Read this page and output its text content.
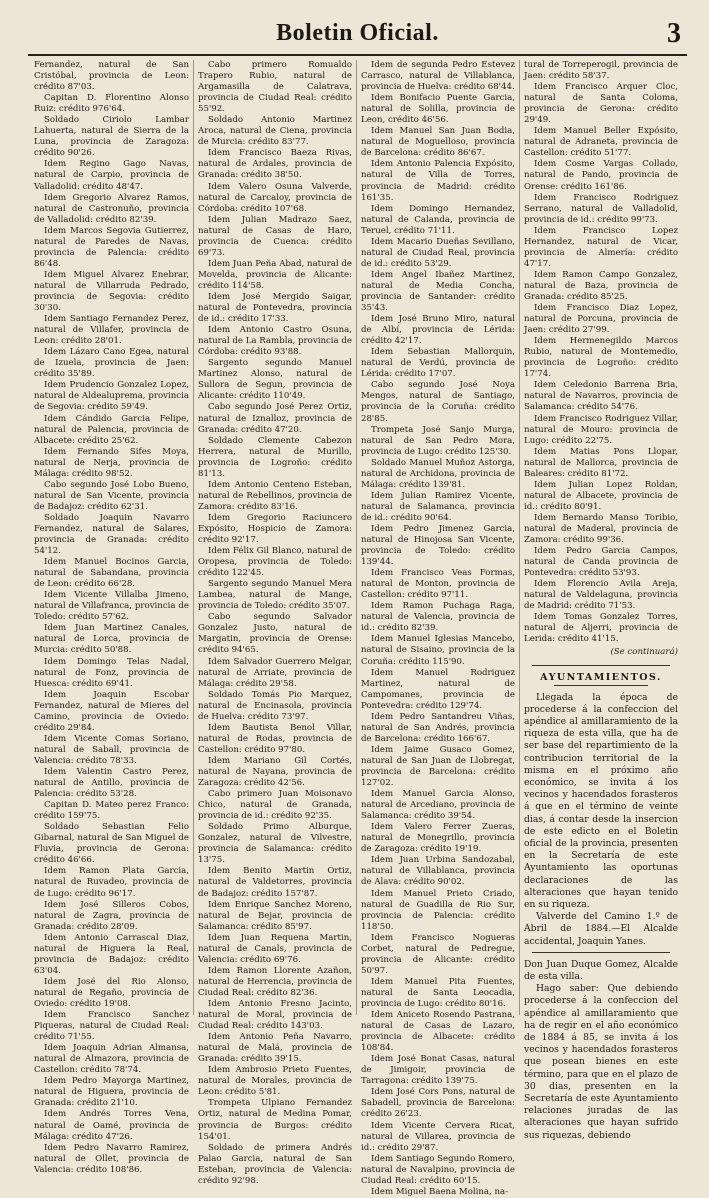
Boletin Oficial.	3

Fernandez, natural de San Cristóbal, provincia de Leon: crédito 87'03.

Capitan D. Florentino Alonso Ruiz: crédito 976'64.

Soldado Ciriolo Lambar Lahuerta, natural de Sierra de la Luna, provincia de Zaragoza: crédito 90'26.

Idem Regino Gago Navas, natural de Carpio, provincia de Valladolid: crédito 48'47.

Idem Gregorio Alvarez Ramos, natural de Castronuño, provincia de Valladolid: crédito 82'39.

Idem Marcos Segovia Gutierrez, natural de Paredes de Navas, provincia de Palencia: crédito 86'48.

Idem Miguel Alvarez Enebrar, natural de Villarruda Pedrado, provincia de Segovia: crédito 30'30.

Idem Santiago Fernandez Perez, natural de Villafer, provincia de Leon: crédito 28'01.

Idem Lázaro Cano Egea, natural de Izuela, provincia de Jaen: crédito 35'89.

Idem Prudencio Gonzalez Lopez, natural de Aldealuprema, provincia de Segovia: crédito 59'49.

Idem Cándido Garcia Felipe, natural de Palencia, provincia de Albacete: crédito 25'62.

Idem Fernando Sifes Moya, natural de Nerja, provincia de Málaga: crédito 98'52.

Cabo segundo José Lobo Bueno, natural de San Vicente, provincia de Badajoz: crédito 62'31.

Soldado Joaquin Navarro Fernandez, natural de Salares, provincia de Granada: crédito 54'12.

Idem Manuel Bocinos Garcia, natural de Sabandana, provincia de Leon: crédito 66'28.

Idem Vicente Villalba Jimeno, natural de Villafranca, provincia de Toledo: crédito 57'62.

Idem Juan Martinez Canales, natural de Lorca, provincia de Murcia: crédito 50'88.

Idem Domingo Telas Nadal, natural de Fonz, provincia de Huesca: crédito 69'41.

Idem Joaquin Escobar Fernandez, natural de Mieres del Camino, provincia de Oviedo: crédito 29'84.

Idem Vicente Comas Soriano, natural de Saball, provincia de Valencia: crédito 78'33.

Idem Valentin Castro Perez, natural de Antillo, provincia de Palencia: crédito 53'28.

Capitan D. Mateo perez Franco: crédito 159'75.

Soldado Sebastian Felio Gibarnal, natural de San Miguel de Fluvia, provincia de Gerona: crédito 46'66.

Idem Ramon Plata Garcia, natural de Ruvadeo, provincia de de Lugo: crédito 96'17.

Idem José Silleros Cobos, natural de Zagra, provincia de Granada: crédito 28'09.

Idem Antonio Carrascal Diaz, natural de Higuera la Real, provincia de Badajoz: crédito 63'04.

Idem José del Rio Alonso, natural de Regaño, provincia de Oviedo: crédito 19'08.

Idem Francisco Sanchez Piqueras, natural de Ciudad Real: crédito 71'55.

Idem Joaquin Adrian Almansa, natural de Almazora, provincia de Castellon: crédito 78'74.

Idem Pedro Mayorga Martinez, natural de Higuera, provincia de Granada: crédito 21'10.

Idem Andrés Torres Vena, natural de Oamé, provincia de Málaga: crédito 47'26.

Idem Pedro Navarro Ramirez, natural de Ollet, provincia de Valencia: crédito 108'86.

Cabo primero Romualdo Trapero Rubio, natural de Argamasilla de Calatrava, provincia de Ciudad Real: crédito 55'92.

Soldado Antonio Martinez Aroca, natural de Ciena, provincia de Murcia: crédito 83'77.

Idem Francisco Baeza Rivas, natural de Ardales, provincia de Granada: crédito 38'50.

Idem Valero Osuna Valverde, natural de Carcaloy, provincia de Córdoba: crédito 107'68.

Idem Julian Madrazo Saez, natural de Casas de Haro, provincia de Cuenca: crédito 69'73.

Idem Juan Peña Abad, natural de Movelda, provincia de Alicante: crédito 114'58.

Idem José Mergido Saigar, natural de Pontevedra, provincia de id.: crédito 17'33.

Idem Antonio Castro Osuna, natural de La Rambla, provincia de Córdoba: crédito 93'88.

Sargento segundo Manuel Martinez Alonso, natural de Sullora de Segun, provincia de Alicante: crédito 110'49.

Cabo segundo José Perez Ortiz, natural de Iznalloz, provincia de Granada: crédito 47'20.

Soldado Clemente Cabezon Herrera, natural de Murillo, provincia de Logroño: crédito 81'13.

Idem Antonio Centeno Esteban, natural de Rebellinos, provincia de Zamora: crédito 83'16.

Idem Gregorio Raciuncero Expósito, Hospicio de Zamora: crédito 92'17.

Idem Félix Gil Blanco, natural de Oropesa, provincia de Toledo: crédito 122'45.

Sargento segundo Manuel Mera Lambea, natural de Mange, provincia de Toledo: crédito 35'07.

Cabo segundo Salvador Gonzalez Justo, natural de Margatin, provincia de Orense: crédito 94'65.

Idem Salvador Guerrero Melgar, natural de Arriate, provincia de Málaga: crédito 29'58.

Soldado Tomás Pio Marquez, natural de Encinasola, provincia de Huelva: crédito 73'97.

Idem Bautista Benol Villar, natural de Rodas, provincia de Castellon: crédito 97'80.

Idem Mariano Gil Cortés, natural de Nayana, provincia de Zaragoza: crédito 42'56.

Cabo primero Juan Moisonavo Chico, natural de Granada, provincia de id.: crédito 92'35.

Soldado Primo Alburque, Gonzalez, natural de Vilvestre, provincia de Salamanca: crédito 13'75.

Idem Benito Martin Ortiz, natural de Valdetorres, provincia de Badajoz: crédito 157'87.

Idem Enrique Sanchez Moreno, natural de Bejar, provincia de Salamanca: crédito 85'97.

Idem Juan Requena Martin, natural de Canals, provincia de Valencia: crédito 69'76.

Idem Ramon Llorente Azañon, natural de Herrencia, provincia de Ciudad Real: crédito 82'36.

Idem Antonio Fresno Jacinto, natural de Moral, provincia de Ciudad Real: crédito 143'03.

Idem Antonio Peña Navarro, natural de Malá, provincia de Granada: crédito 39'15.

Idem Ambrosio Prieto Fuentes, natural de Morales, provincia de Leon: crédito 5'81.

Trompeta Ulpiano Fernandez Ortiz, natural de Medina Pomar, provincia de Burgos: crédito 154'01.

Soldado de primera Andrés Palao Garcia, natural de San Esteban, provincia de Valencia: crédito 92'98.

Idem de segunda Pedro Estevez Carrasco, natural de Villablanca, provincia de Huelva: crédito 68'44.

Idem Bonifacio Puente Garcia, natural de Solilla, provincia de Leon, crédito 46'56.

Idem Manuel San Juan Bodia, natural de Moguelloso, provincia de Barcelona: crédito 86'67.

Idem Antonio Palencia Expósito, natural de Villa de Torres, provincia de Madrid: crédito 161'35.

Idem Domingo Hernandez, natural de Calanda, provincia de Teruel, crédito 71'11.

Idem Macario Dueñas Sevillano, natural de Ciudad Real, provincia de id.: crédito 53'29.

Idem Angel Ibañez Martinez, natural de Media Concha, provincia de Santander: crédito 35'43.

Idem José Bruno Miro, natural de Albí, provincia de Lérida: crédito 42'17.

Idem Sebastian Mallorquin, natural de Verdú, provincia de Lérida: crédito 17'07.

Cabo segundo José Noya Mengos, natural de Santiago, provincia de la Coruña: crédito 28'85.

Trompeta José Sanjo Murga, natural de San Pedro Mora, provincia de Lugo: crédito 125'30.

Soldado Manuel Muñoz Astorga, natural de Archidona, provincia de Málaga: crédito 139'81.

Idem Julian Ramirez Vicente, natural de Salamanca, provincia de id.: crédito 90'64.

Idem Pedro Jimenez Garcia, natural de Hinojosa San Vicente, provincia de Toledo: crédito 139'44.

Idem Francisco Veas Formas, natural de Monton, provincia de Castellon: crédito 97'11.

Idem Ramon Puchaga Raga, natural de Valencia, provincia de id.: crédito 82'39.

Idem Manuel Iglesias Mancebo, natural de Sisaino, provincia de la Coruña: crédito 115'90.

Idem Manuel Rodriguez Martinez, natural de Campomanes, provincia de Pontevedra: crédito 129'74.

Idem Pedro Santandreu Viñas, natural de San Andrés, provincia de Barcelona: crédito 166'67.

Idem Jaime Gusaco Gomez, natural de San Juan de Llobregat, provincia de Barcelona: crédito 127'02.

Idem Manuel Garcia Alonso, natural de Arcediano, provincia de Salamanca: crédito 39'54.

Idem Valero Ferrer Zueras, natural de Monegrillo, provincia de Zaragoza: crédito 19'19.

Idem Juan Urbina Sandozabal, natural de Villablanca, provincia de Alava: crédito 90'02.

Idem Manuel Prieto Criado, natural de Guadilla de Rio Sur, provincia de Palencia: crédito 118'50.

Idem Francisco Nogueras Corbet, natural de Pedregue, provincia de Alicante: crédito 50'97.

Idem Manuel Pita Fuentes, natural de Santa Leocadia, provincia de Lugo: crédito 80'16.

Idem Aniceto Rosendo Pastrana, natural de Casas de Lazaro, provincia de Albacete: crédito 108'84.

Idem José Bonat Casas, natural de Jimigoir, provincia de Tarragona: crédito 139'75.

Idem José Cors Pons, natural de Sabadell, provincia de Barcelona: crédito 26'23.

Idem Vicente Cervera Ricat, natural de Villarea, provincia de id.: crédito 29'87.

Idem Santiago Segundo Romero, natural de Navalpino, provincia de Ciudad Real: crédito 60'15.

Idem Miguel Baena Molina, na-

tural de Torreperogil, provincia de Jaen: crédito 58'37.

Idem Francisco Arquer Cloc, natural de Santa Coloma, provincia de Gerona: crédito 29'49.

Idem Manuel Beller Expósito, natural de Adraneta, provincia de Castellon: crédito 51'77.

Idem Cosme Vargas Collado, natural de Pando, provincia de Orense: crédito 161'86.

Idem Francisco Rodriguez Serrano, natural de Valladolid, provincia de id.: crédito 99'73.

Idem Francisco Lopez Hernandez, natural de Vicar, provincia de Almería: crédito 47'17.

Idem Ramon Campo Gonzalez, natural de Baza, provincia de Granada: crédito 85'25.

Idem Francisco Diaz Lopez, natural de Porcuna, provincia de Jaen: crédito 27'99.

Idem Hermenegildo Marcos Rubio, natural de Montemedio, provincia de Logroño: crédito 17'74.

Idem Celedonio Barrena Bria, natural de Navarros, provincia de Salamanca: crédito 54'76.

Idem Francisco Rodriguez Villar, natural de Mouro: provincia de Lugo: crédito 22'75.

Idem Matias Pons Llopar, natural de Mallorca, provincia de Baleares: crédito 81'72.

Idem Julian Lopez Roldan, natural de Albacete, provincia de id.: crédito 80'91.

Idem Bernardo Manso Toribio, natural de Maderal, provincia de Zamora: crédito 99'36.

Idem Pedro Garcia Campos, natural de Canda provincia de Pontevedra: crédito 53'93.

Idem Florencio Avila Areja, natural de Valdelaguna, provincia de Madrid: crédito 71'53.

Idem Tomas Gonzalez Torres, natural de Aljerri, provincia de Lerida: crédito 41'15.

(Se continuará)

AYUNTAMIENTOS.

Llegada la época de procederse á la confeccion del apéndice al amillaramiento de la riqueza de esta villa, que ha de ser base del repartimiento de la contribucion territorial de la misma en el próximo año económico, se invita á los vecinos y hacendados forasteros á que en el término de veinte dias, á contar desde la insercion de este edicto en el Boletin oficial de la provincia, presenten en la Secretaría de este Ayuntamiento las oportunas declaraciones de las alteraciones que hayan tenido en su riqueza.

Valverde del Camino 1.º de Abril de 1884.—El Alcalde accidental, Joaquin Yanes.

Don Juan Duque Gomez, Alcalde de esta villa.

Hago saber: Que debiendo procederse á la confeccion del apéndice al amillaramiento que ha de regir en el año económico de 1884 á 85, se invita á los vecinos y hacendados forasteros que posean bienes en este término, para que en el plazo de 30 dias, presenten en la Secretaría de este Ayuntamiento relaciones juradas de las alteraciones que hayan sufrido sus riquezas, debiendo
